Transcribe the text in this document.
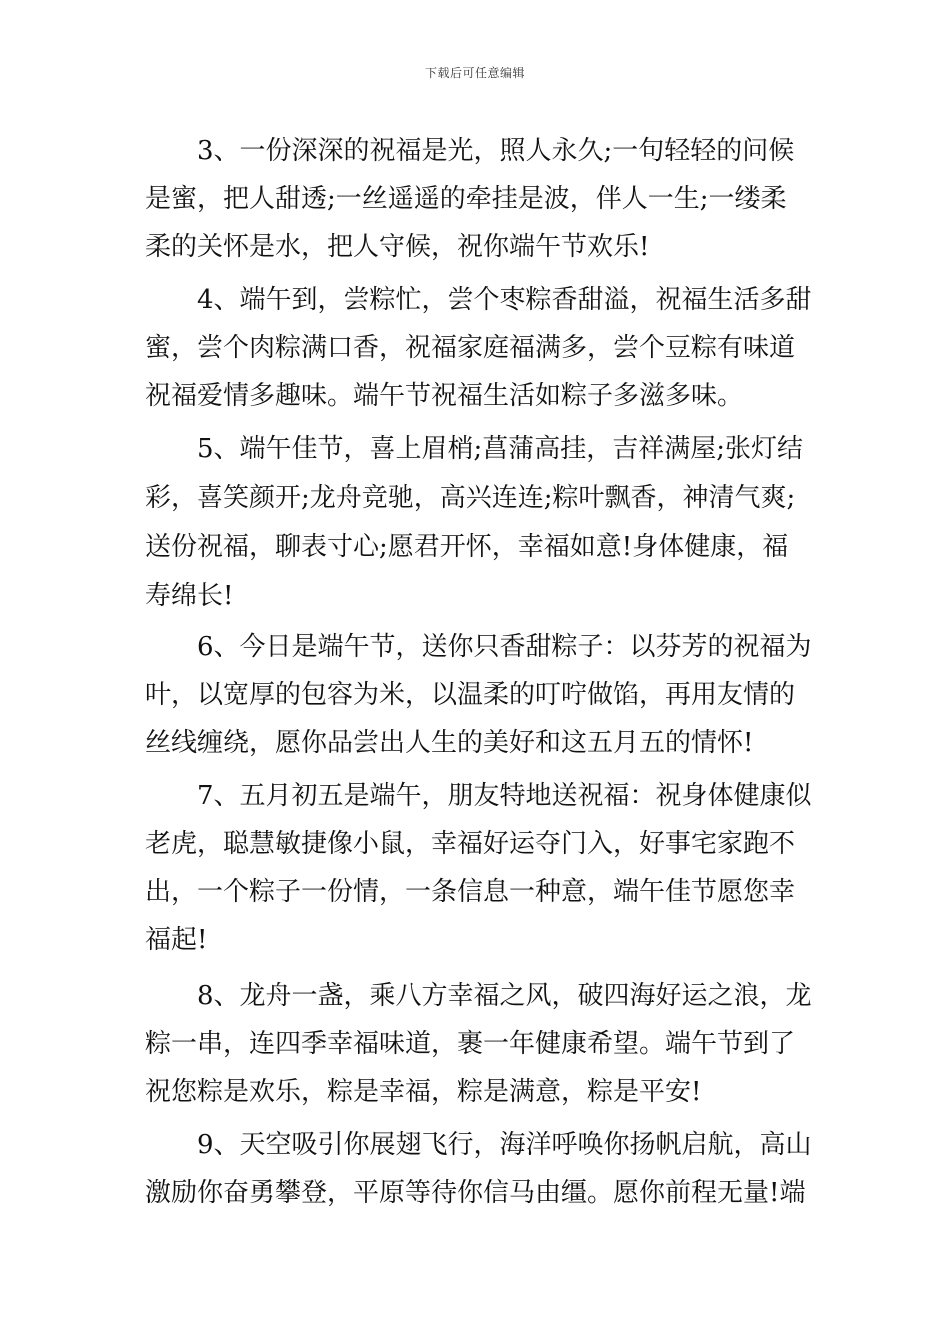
下载后可任意编辑
3、一份深深的祝福是光，照人永久;一句轻轻的问候
是蜜，把人甜透;一丝遥遥的牵挂是波，伴人一生;一缕柔
柔的关怀是水，把人守候，祝你端午节欢乐!
4、端午到，尝粽忙，尝个枣粽香甜溢，祝福生活多甜
蜜，尝个肉粽满口香，祝福家庭福满多，尝个豆粽有味道
祝福爱情多趣味。端午节祝福生活如粽子多滋多味。
5、端午佳节，喜上眉梢;菖蒲高挂，吉祥满屋;张灯结
彩，喜笑颜开;龙舟竞驰，高兴连连;粽叶飘香，神清气爽;
送份祝福，聊表寸心;愿君开怀，幸福如意!身体健康，福
寿绵长!
6、今日是端午节，送你只香甜粽子：以芬芳的祝福为
叶，以宽厚的包容为米，以温柔的叮咛做馅，再用友情的
丝线缠绕，愿你品尝出人生的美好和这五月五的情怀!
7、五月初五是端午，朋友特地送祝福：祝身体健康似
老虎，聪慧敏捷像小鼠，幸福好运夺门入，好事宅家跑不
出，一个粽子一份情，一条信息一种意，端午佳节愿您幸
福起!
8、龙舟一盏，乘八方幸福之风，破四海好运之浪，龙
粽一串，连四季幸福味道，裹一年健康希望。端午节到了
祝您粽是欢乐，粽是幸福，粽是满意，粽是平安!
9、天空吸引你展翅飞行，海洋呼唤你扬帆启航，高山
激励你奋勇攀登，平原等待你信马由缰。愿你前程无量!端
